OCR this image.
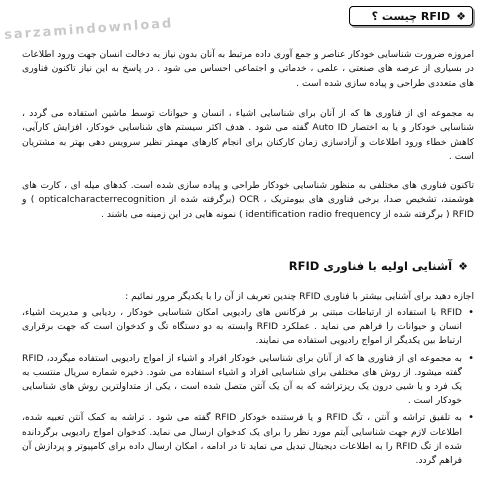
sarzamindownload
❖
RFID چیست ؟

امروزه ضرورت شناسایی خودکار عناصر و جمع آوری داده مرتبط به آنان بدون نیاز به دخالت انسان جهت ورود اطلاعات در بسیاری از عرصه های صنعتی ، علمی ، خدماتی و اجتماعی احساس می شود . در پاسخ به این نیاز تاکنون فناوری های متعددی طراحی و پیاده سازی شده است .

به مجموعه ای از فناوری ها که از آنان برای شناسایی اشیاء ، انسان و حیوانات توسط ماشین استفاده می گردد ، شناسایی خودکار و یا به اختصار Auto ID گفته می شود . هدف اکثر سیستم های شناسایی خودکار، افزایش کارآیی، کاهش خطاء ورود اطلاعات و آزادسازی زمان کارکنان برای انجام کارهای مهمتر نظیر سرویس دهی بهتر به مشتریان است .

تاکنون فناوری های مختلفی به منظور شناسایی خودکار طراحی و پیاده سازی شده است. کدهای میله ای ، کارت های هوشمند، تشخیص صدا، برخی فناوری های بیومتریک ، OCR (برگرفته شده از opticalcharacterrecognition ) و RFID ( برگرفته شده از identification radio frequency ) نمونه هایی در این زمینه می باشند .

❖
آشنایی اولیه با فناوری RFID

اجازه دهید برای آشنایی بیشتر با فناوری RFID چندین تعریف از آن را با یکدیگر مرور نمائیم :

• RFID با استفاده از ارتباطات مبتنی بر فرکانس های رادیویی امکان شناسایی خودکار ، ردیابی و مدیریت اشیاء، انسان و حیوانات را فراهم می نماید . عملکرد RFID وابسته به دو دستگاه تگ و کدخوان است که جهت برقراری ارتباط بین یکدیگر از امواج رادیویی استفاده می نمایند.
• به مجموعه ای از فناوری ها که از آنان برای شناسایی خودکار افراد و اشیاء از امواج رادیویی استفاده میگردد، RFID گفته میشود. از روش های مختلفی برای شناسایی افراد و اشیاء استفاده می شود. ذخیره شماره سریال منتسب به یک فرد و یا شیی درون یک ریزتراشه که به آن یک آنتن متصل شده است ، یکی از متداولترین روش های شناسایی خودکار است .
• به تلفیق تراشه و آنتن ، تگ RFID و یا فرستنده خودکار RFID گفته می شود . تراشه به کمک آنتن تعبیه شده، اطلاعات لازم جهت شناسایی آیتم مورد نظر را برای یک کدخوان ارسال می نماید. کدخوان امواج رادیویی برگردانده شده از تگ RFID را به اطلاعات دیجیتال تبدیل می نماید تا در ادامه ، امکان ارسال داده برای کامپیوتر و پردازش آن فراهم گردد.
